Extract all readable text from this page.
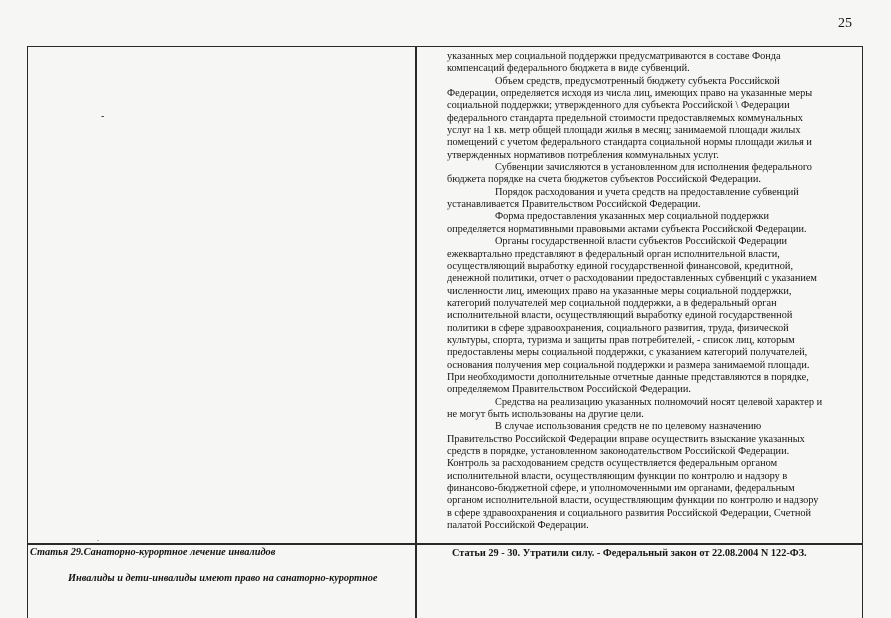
25
-
.
указанных мер социальной поддержки предусматриваются в составе Фонда
компенсаций федерального бюджета в виде субвенций.
Объем средств, предусмотренный бюджету субъекта Российской
Федерации, определяется исходя из числа лиц, имеющих право на указанные меры
социальной поддержки; утвержденного для субъекта Российской \ Федерации
федерального стандарта предельной стоимости предоставляемых коммунальных
услуг на 1 кв. метр общей площади жилья в месяц; занимаемой площади жилых
помещений с учетом федерального стандарта социальной нормы площади жилья и
утвержденных нормативов потребления коммунальных услуг.
Субвенции зачисляются в установленном для исполнения федерального
бюджета порядке на счета бюджетов субъектов Российской Федерации.
Порядок расходования и учета средств на предоставление субвенций
устанавливается Правительством Российской Федерации.
Форма предоставления указанных мер социальной поддержки
определяется нормативными правовыми актами субъекта Российской Федерации.
Органы государственной власти субъектов Российской Федерации
ежеквартально представляют в федеральный орган исполнительной власти,
осуществляющий выработку единой государственной финансовой, кредитной,
денежной политики, отчет о расходовании предоставленных субвенций с указанием
численности лиц, имеющих право на указанные меры социальной поддержки,
категорий получателей мер социальной поддержки, а в федеральный орган
исполнительной власти, осуществляющий выработку единой государственной
политики в сфере здравоохранения, социального развития, труда, физической
культуры, спорта, туризма и защиты прав потребителей, - список лиц, которым
предоставлены меры социальной поддержки, с указанием категорий получателей,
основания получения мер социальной поддержки и размера занимаемой площади.
При необходимости дополнительные отчетные данные представляются в порядке,
определяемом Правительством Российской Федерации.
Средства на реализацию указанных полномочий носят целевой характер и
не могут быть использованы на другие цели.
В случае использования средств не по целевому назначению
Правительство Российской Федерации вправе осуществить взыскание указанных
средств в порядке, установленном законодательством Российской Федерации.
Контроль за расходованием средств осуществляется федеральным органом
исполнительной власти, осуществляющим функции по контролю и надзору в
финансово-бюджетной сфере, и уполномоченными им органами, федеральным
органом исполнительной власти, осуществляющим функции по контролю и надзору
в сфере здравоохранения и социального развития Российской Федерации, Счетной
палатой Российской Федерации.
Статья 29.Санаторно-курортное лечение инвалидов
Инвалиды и дети-инвалиды имеют право на санаторно-курортное
Статьи 29 - 30. Утратили силу. - Федеральный закон от 22.08.2004 N 122-ФЗ.
